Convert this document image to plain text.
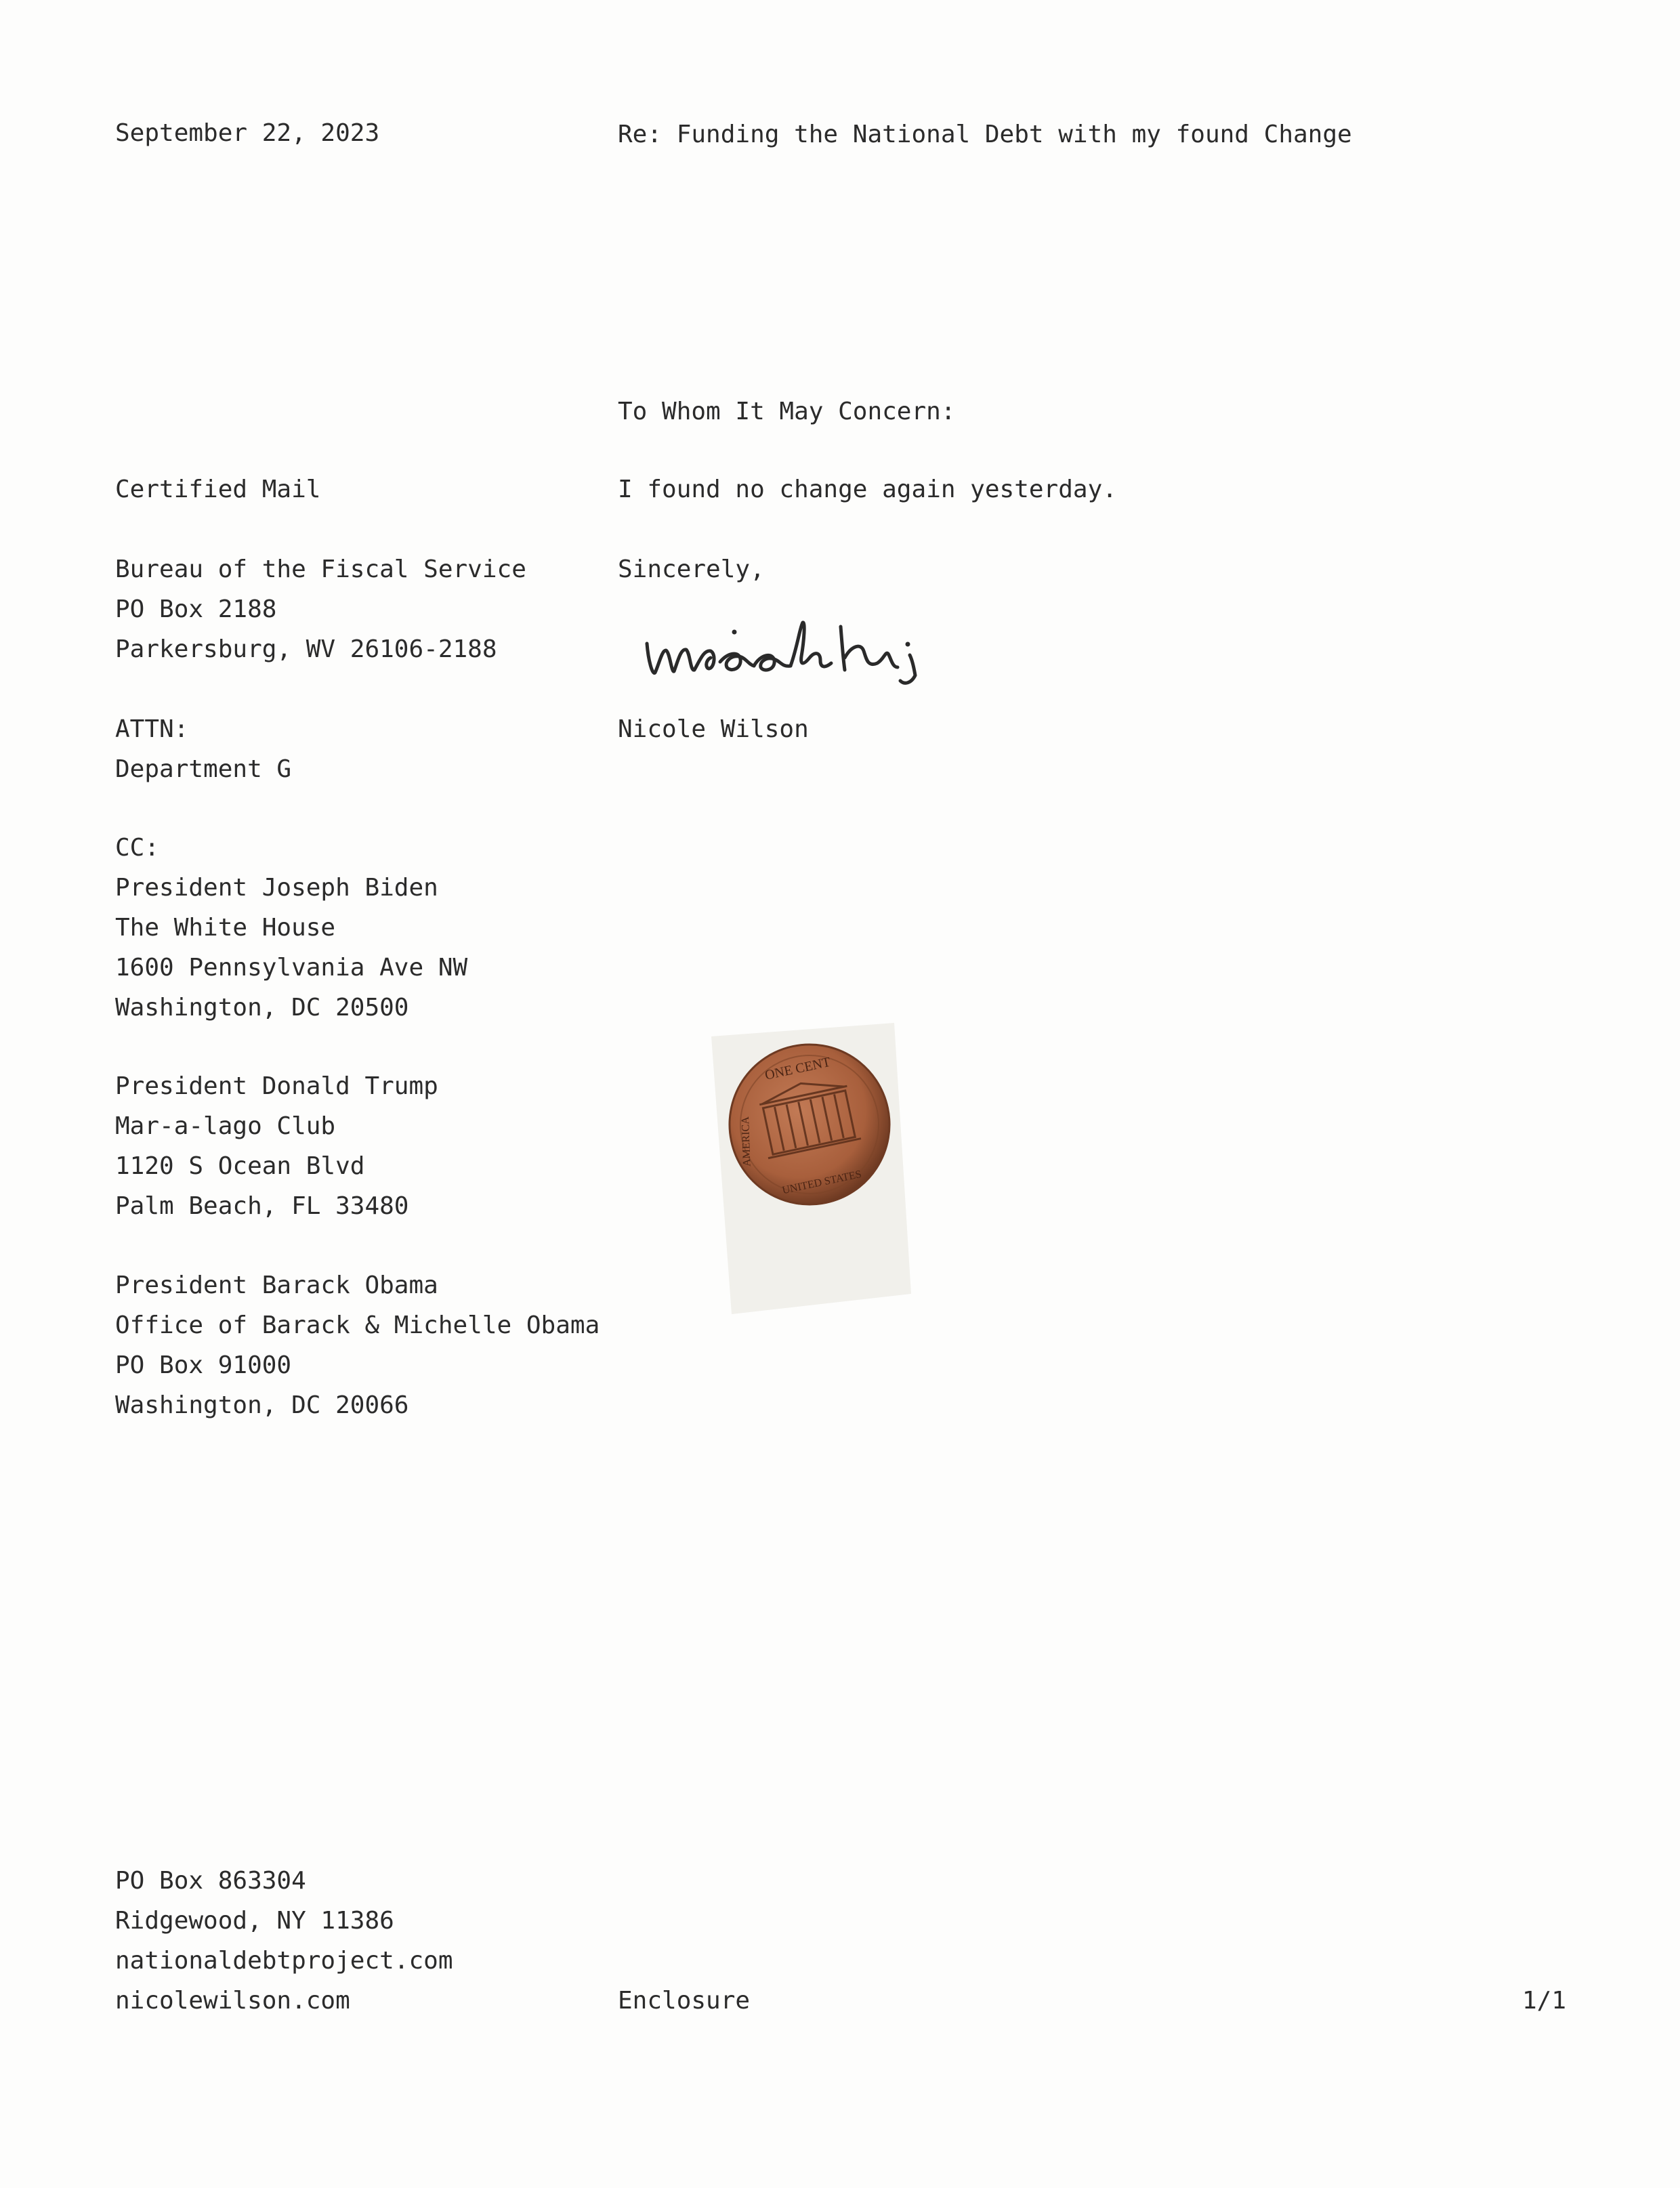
September 22, 2023	Re: Funding the National Debt with my found Change

To Whom It May Concern:

I found no change again yesterday.

Sincerely,

Nicole Wilson

Certified Mail

Bureau of the Fiscal Service
PO Box 2188
Parkersburg, WV 26106-2188
ATTN:
Department G

CC:

President Joseph Biden
The White House
1600 Pennsylvania Ave NW
Washington, DC 20500
President Donald Trump
Mar-a-lago Club
1120 S Ocean Blvd
Palm Beach, FL 33480
President Barack Obama
Office of Barack & Michelle Obama
PO Box 91000
Washington, DC 20066
ONE CENT
AMERICA
UNITED STATES
PO Box 863304
Ridgewood, NY 11386
nationaldebtproject.com
nicolewilson.com	Enclosure	1/1
